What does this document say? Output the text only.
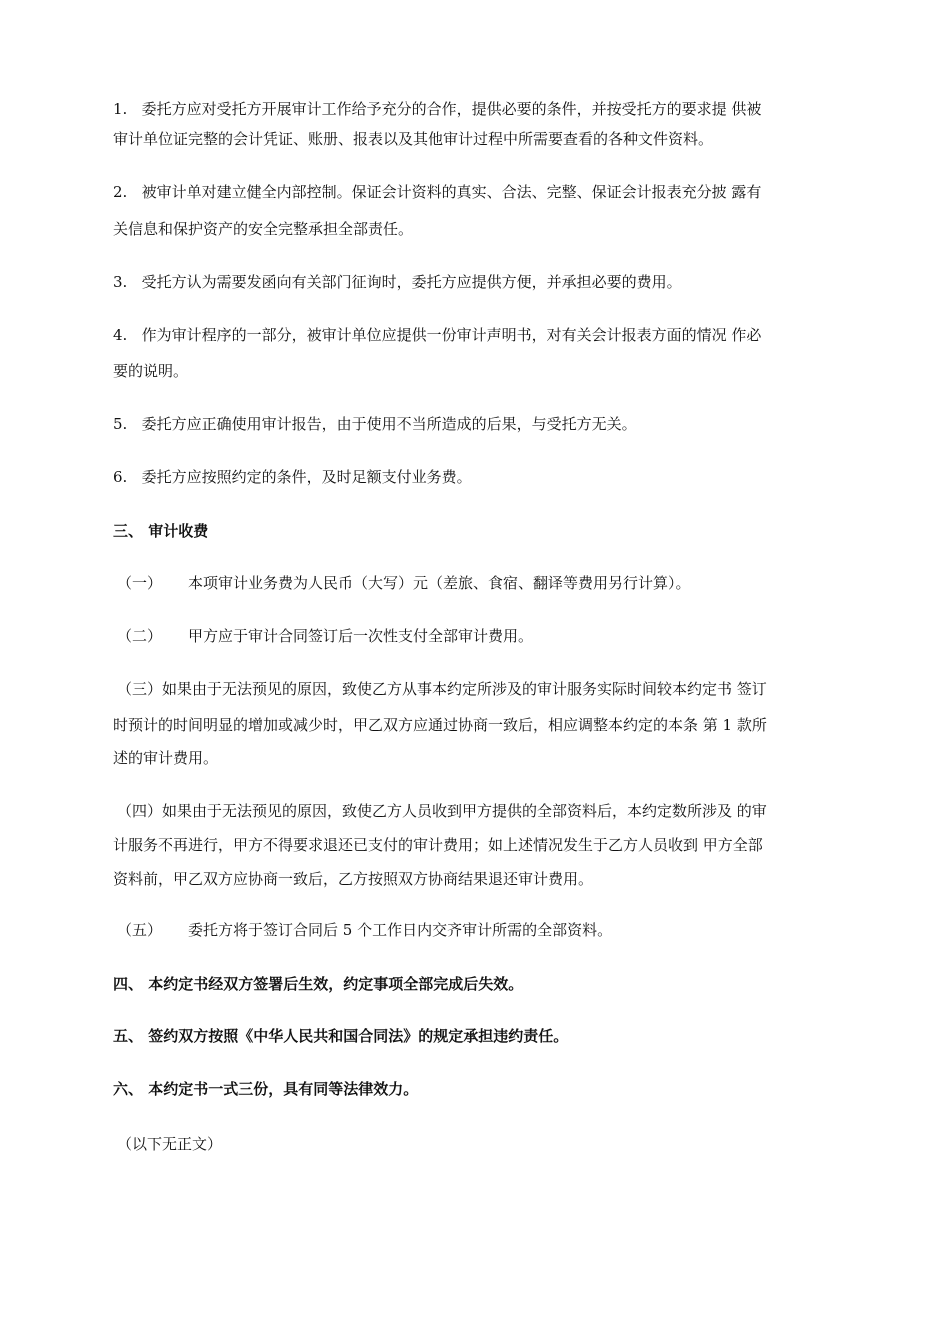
1. 委托方应对受托方开展审计工作给予充分的合作，提供必要的条件，并按受托方的要求提 供被

审计单位证完整的会计凭证、账册、报表以及其他审计过程中所需要查看的各种文件资料。

2. 被审计单对建立健全内部控制。保证会计资料的真实、合法、完整、保证会计报表充分披 露有

关信息和保护资产的安全完整承担全部责任。

3. 受托方认为需要发函向有关部门征询时，委托方应提供方便，并承担必要的费用。

4. 作为审计程序的一部分，被审计单位应提供一份审计声明书，对有关会计报表方面的情况 作必

要的说明。

5. 委托方应正确使用审计报告，由于使用不当所造成的后果，与受托方无关。

6. 委托方应按照约定的条件，及时足额支付业务费。

三、 审计收费

（一） 本项审计业务费为人民币（大写）元（差旅、食宿、翻译等费用另行计算）。

（二） 甲方应于审计合同签订后一次性支付全部审计费用。

（三）如果由于无法预见的原因，致使乙方从事本约定所涉及的审计服务实际时间较本约定书 签订

时预计的时间明显的增加或减少时，甲乙双方应通过协商一致后，相应调整本约定的本条 第 1 款所

述的审计费用。

（四）如果由于无法预见的原因，致使乙方人员收到甲方提供的全部资料后，本约定数所涉及 的审

计服务不再进行，甲方不得要求退还已支付的审计费用；如上述情况发生于乙方人员收到 甲方全部

资料前，甲乙双方应协商一致后，乙方按照双方协商结果退还审计费用。

（五） 委托方将于签订合同后 5 个工作日内交齐审计所需的全部资料。

四、 本约定书经双方签署后生效，约定事项全部完成后失效。

五、 签约双方按照《中华人民共和国合同法》的规定承担违约责任。

六、 本约定书一式三份，具有同等法律效力。

（以下无正文）
